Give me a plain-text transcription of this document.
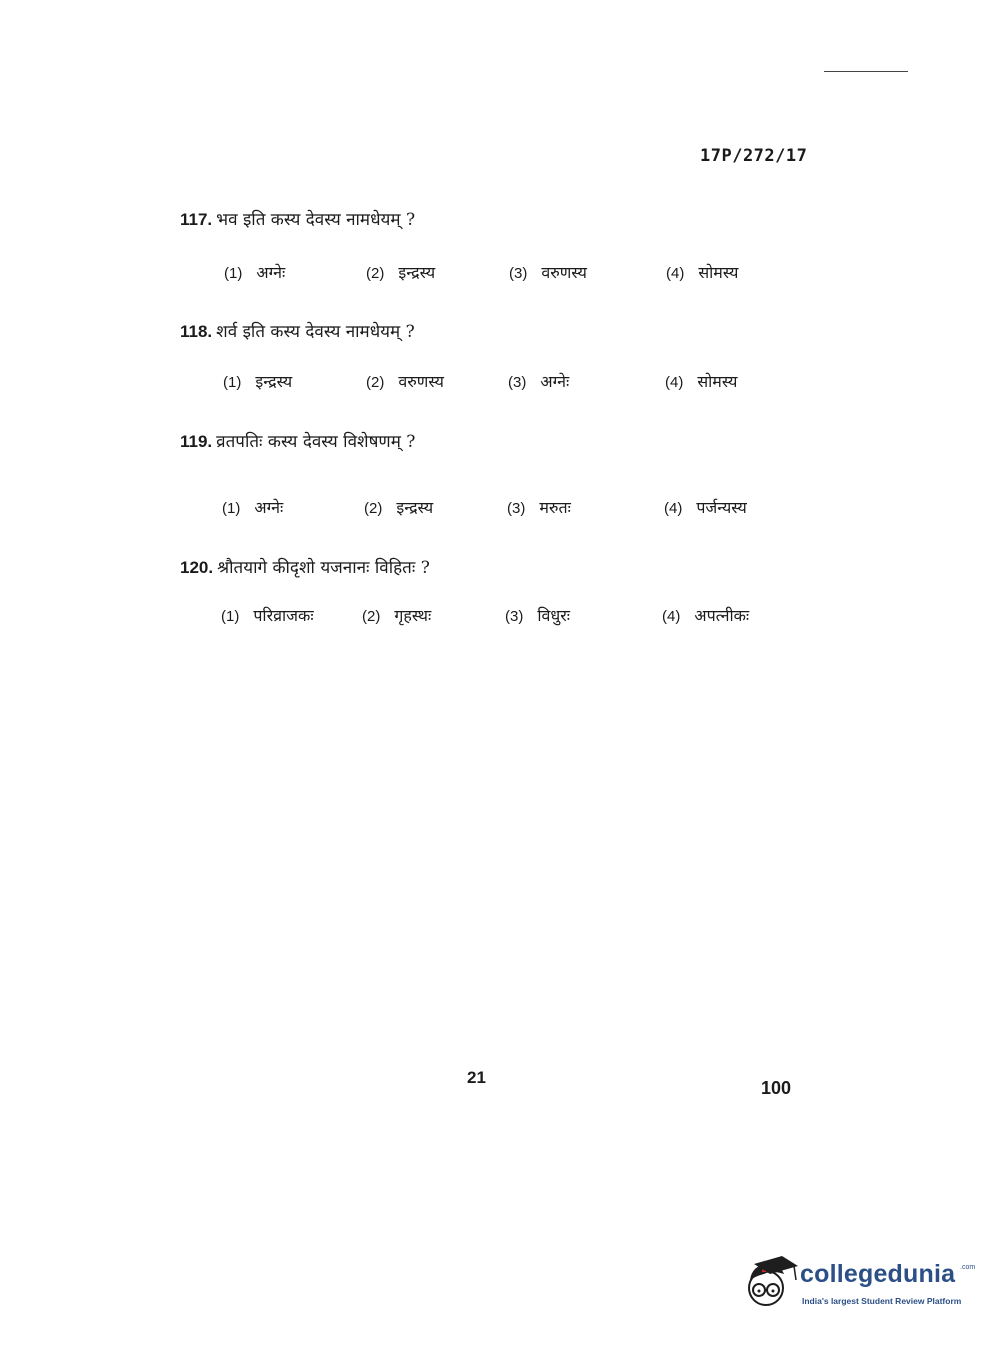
17P/272/17
117. भव इति कस्य देवस्य नामधेयम् ?
(1) अग्नेः	(2) इन्द्रस्य	(3) वरुणस्य	(4) सोमस्य
118. शर्व इति कस्य देवस्य नामधेयम् ?
(1) इन्द्रस्य	(2) वरुणस्य	(3) अग्नेः	(4) सोमस्य
119. व्रतपतिः कस्य देवस्य विशेषणम् ?
(1) अग्नेः	(2) इन्द्रस्य	(3) मरुतः	(4) पर्जन्यस्य
120. श्रौतयागे कीदृशो यजनानः विहितः ?
(1) परिव्राजकः	(2) गृहस्थः	(3) विधुरः	(4) अपत्नीकः
21
100
collegedunia .com
India's largest Student Review Platform
